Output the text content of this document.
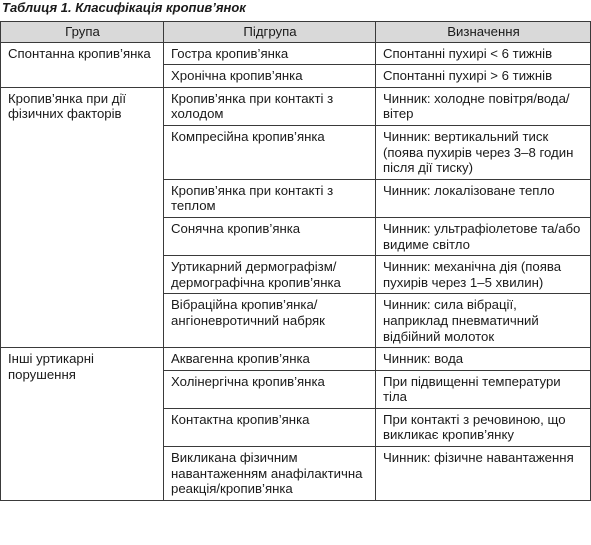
Таблиця 1. Класифікація кропив’янок
Група	Підгрупа	Визначення
Спонтанна кропив’янка	Гостра кропив’янка	Спонтанні пухирі < 6 тижнів
	Хронічна кропив’янка	Спонтанні пухирі > 6 тижнів
Кропив’янка при дії фізичних факторів	Кропив’янка при контакті з холодом	Чинник: холодне повітря/вода/вітер
	Компресійна кропив’янка	Чинник: вертикальний тиск (поява пухирів через 3–8 годин після дії тиску)
	Кропив’янка при контакті з теплом	Чинник: локалізоване тепло
	Сонячна кропив’янка	Чинник: ультрафіолетове та/або видиме світло
	Уртикарний дермографізм/дермографічна кропив’янка	Чинник: механічна дія (поява пухирів через 1–5 хвилин)
	Вібраційна кропив’янка/ангіоневротичний набряк	Чинник: сила вібрації, наприклад пневматичний відбійний молоток
Інші уртикарні порушення	Аквагенна кропив’янка	Чинник: вода
	Холінергічна кропив’янка	При підвищенні температури тіла
	Контактна кропив’янка	При контакті з речовиною, що викликає кропив’янку
	Викликана фізичним навантаженням анафілактична реакція/кропив’янка	Чинник: фізичне навантаження
